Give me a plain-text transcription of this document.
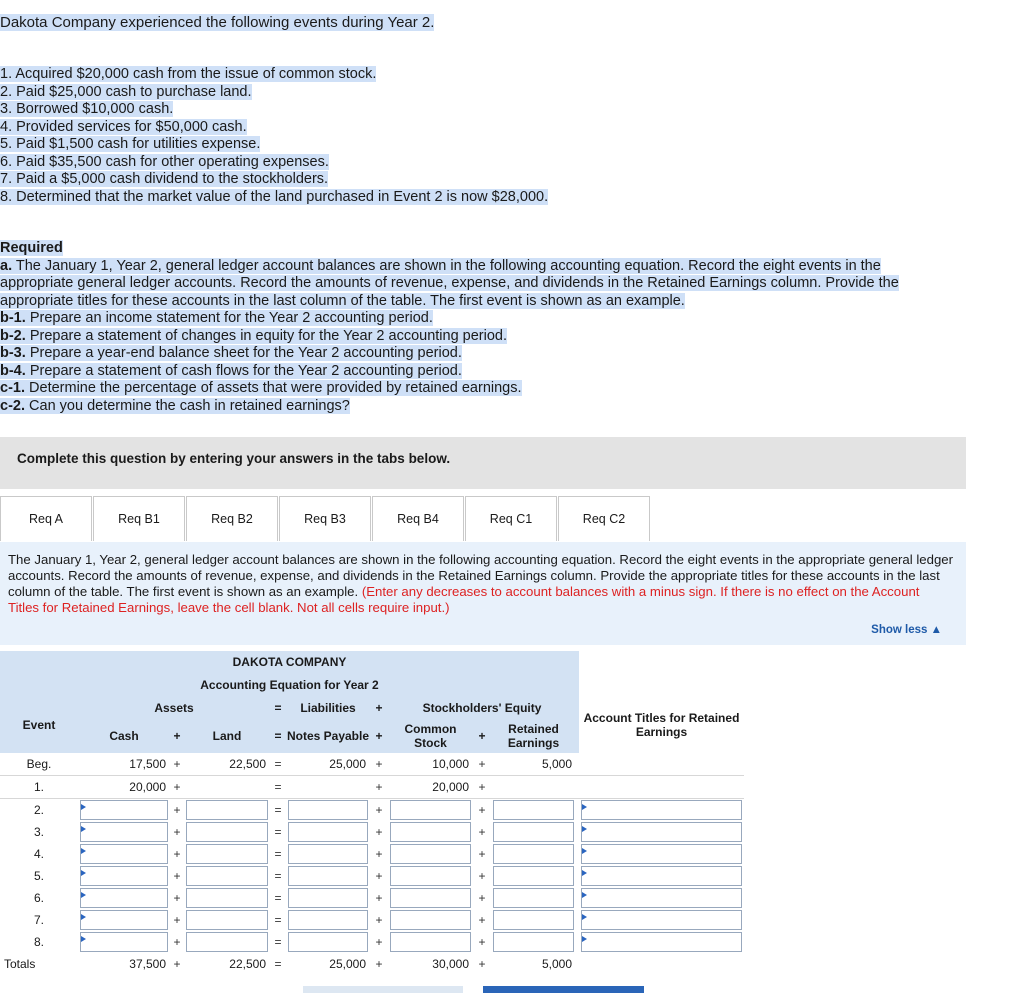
Dakota Company experienced the following events during Year 2.

1. Acquired $20,000 cash from the issue of common stock.
2. Paid $25,000 cash to purchase land.
3. Borrowed $10,000 cash.
4. Provided services for $50,000 cash.
5. Paid $1,500 cash for utilities expense.
6. Paid $35,500 cash for other operating expenses.
7. Paid a $5,000 cash dividend to the stockholders.
8. Determined that the market value of the land purchased in Event 2 is now $28,000.
Required
a. The January 1, Year 2, general ledger account balances are shown in the following accounting equation. Record the eight events in the appropriate general ledger accounts. Record the amounts of revenue, expense, and dividends in the Retained Earnings column. Provide the appropriate titles for these accounts in the last column of the table. The first event is shown as an example.
b-1. Prepare an income statement for the Year 2 accounting period.
b-2. Prepare a statement of changes in equity for the Year 2 accounting period.
b-3. Prepare a year-end balance sheet for the Year 2 accounting period.
b-4. Prepare a statement of cash flows for the Year 2 accounting period.
c-1. Determine the percentage of assets that were provided by retained earnings.
c-2. Can you determine the cash in retained earnings?
Complete this question by entering your answers in the tabs below.
Req A	Req B1	Req B2	Req B3	Req B4	Req C1	Req C2

The January 1, Year 2, general ledger account balances are shown in the following accounting equation. Record the eight events in the appropriate general ledger accounts. Record the amounts of revenue, expense, and dividends in the Retained Earnings column. Provide the appropriate titles for these accounts in the last column of the table. The first event is shown as an example. (Enter any decreases to account balances with a minus sign. If there is no effect on the Account Titles for Retained Earnings, leave the cell blank. Not all cells require input.)

Show less ▲
DAKOTA COMPANY											
Accounting Equation for Year 2											
Event	Assets			=	Liabilities	+	Stockholders' Equity				Account Titles for Retained Earnings
	Cash	+	Land	=	Notes Payable	+	Common Stock	+	Retained Earnings		
Beg.	17,500	+	22,500	=	25,000	+	10,000	+	5,000		
1.	20,000	+		=		+	20,000	+			
2.		+		=		+		+	

3.		+		=		+		+	

4.		+		=		+		+	

5.		+		=		+		+	

6.		+		=		+		+	

7.		+		=		+		+	

8.		+		=		+		+	

Totals	37,500	+	22,500	=	25,000	+	30,000	+	5,000		
